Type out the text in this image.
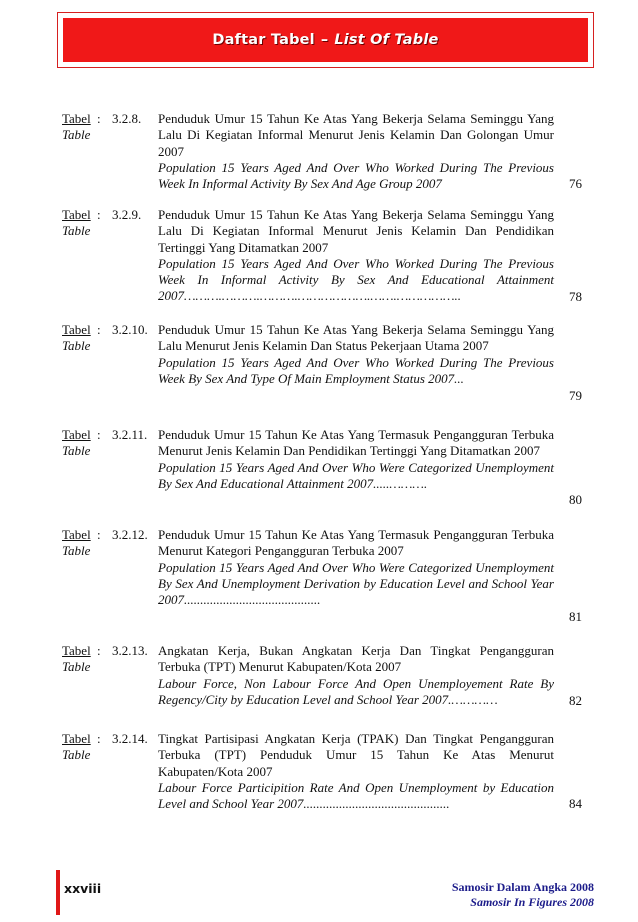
Daftar Tabel – List Of Table
Tabel
Table
: 3.2.8. Penduduk Umur 15 Tahun Ke Atas Yang Bekerja Selama Seminggu Yang Lalu Di Kegiatan Informal Menurut Jenis Kelamin Dan Golongan Umur 2007
Population 15 Years Aged And Over Who Worked During The Previous Week In Informal Activity By Sex And Age Group 2007	76
Tabel
Table
: 3.2.9. Penduduk Umur 15 Tahun Ke Atas Yang Bekerja Selama Seminggu Yang Lalu Di Kegiatan Informal Menurut Jenis Kelamin Dan Pendidikan Tertinggi Yang Ditamatkan 2007
Population 15 Years Aged And Over Who Worked During The Previous Week In Informal Activity By Sex And Educational Attainment 2007……….……….……….……………….…….……………..	78
Tabel
Table
: 3.2.10. Penduduk Umur 15 Tahun Ke Atas Yang Bekerja Selama Seminggu Yang Lalu Menurut Jenis Kelamin Dan Status Pekerjaan Utama 2007
Population 15 Years Aged And Over Who Worked During The Previous Week By Sex And Type Of Main Employment Status 2007...
79
Tabel
Table
: 3.2.11. Penduduk Umur 15 Tahun Ke Atas Yang Termasuk Pengangguran Terbuka Menurut Jenis Kelamin Dan Pendidikan Tertinggi Yang Ditamatkan 2007
Population 15 Years Aged And Over Who Were Categorized Unemployment By Sex And Educational Attainment 2007.....……….
80
Tabel
Table
: 3.2.12. Penduduk Umur 15 Tahun Ke Atas Yang Termasuk Pengangguran Terbuka Menurut Kategori Pengangguran Terbuka 2007
Population 15 Years Aged And Over Who Were Categorized Unemployment By Sex And Unemployment Derivation by Education Level and School Year 2007..........................................
81
Tabel
Table
: 3.2.13. Angkatan Kerja, Bukan Angkatan Kerja Dan Tingkat Pengangguran Terbuka (TPT) Menurut Kabupaten/Kota 2007
Labour Force, Non Labour Force And Open Unemployement Rate By Regency/City by Education Level and School Year 2007.…………	82
Tabel
Table
: 3.2.14. Tingkat Partisipasi Angkatan Kerja (TPAK) Dan Tingkat Pengangguran Terbuka (TPT) Penduduk Umur 15 Tahun Ke Atas Menurut Kabupaten/Kota 2007
Labour Force Participition Rate And Open Unemployment by Education Level and School Year 2007.............................................	84
xxviii	Samosir Dalam Angka 2008
Samosir In Figures 2008
